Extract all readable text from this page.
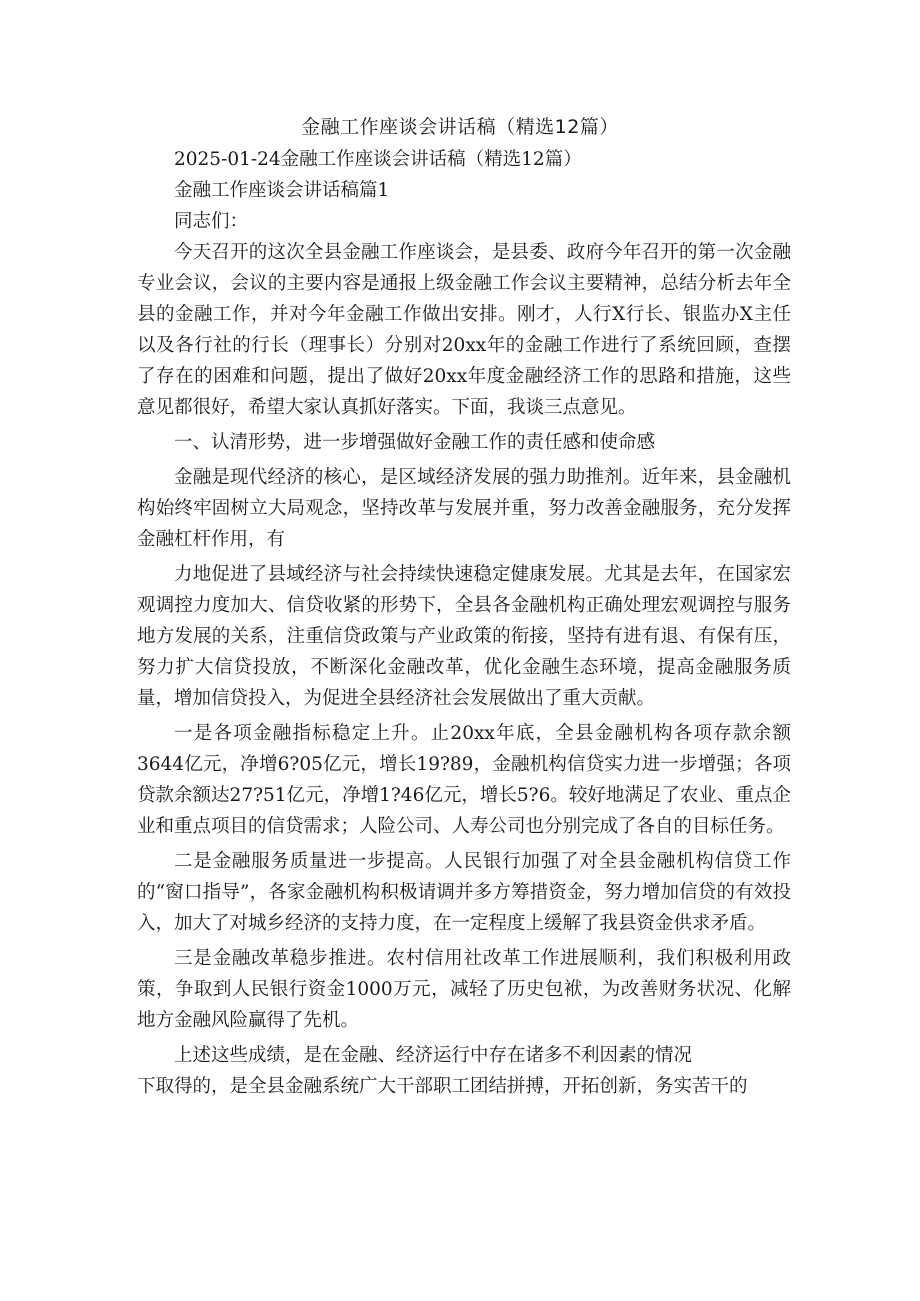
金融工作座谈会讲话稿（精选12篇）

2025-01-24金融工作座谈会讲话稿（精选12篇）

金融工作座谈会讲话稿篇1

同志们：

今天召开的这次全县金融工作座谈会，是县委、政府今年召开的第一次金融专业会议，会议的主要内容是通报上级金融工作会议主要精神，总结分析去年全县的金融工作，并对今年金融工作做出安排。刚才，人行X行长、银监办X主任以及各行社的行长（理事长）分别对20xx年的金融工作进行了系统回顾，查摆了存在的困难和问题，提出了做好20xx年度金融经济工作的思路和措施，这些意见都很好，希望大家认真抓好落实。下面，我谈三点意见。

一、认清形势，进一步增强做好金融工作的责任感和使命感

金融是现代经济的核心，是区域经济发展的强力助推剂。近年来，县金融机构始终牢固树立大局观念，坚持改革与发展并重，努力改善金融服务，充分发挥金融杠杆作用，有

力地促进了县域经济与社会持续快速稳定健康发展。尤其是去年，在国家宏观调控力度加大、信贷收紧的形势下，全县各金融机构正确处理宏观调控与服务地方发展的关系，注重信贷政策与产业政策的衔接，坚持有进有退、有保有压，努力扩大信贷投放，不断深化金融改革，优化金融生态环境，提高金融服务质量，增加信贷投入，为促进全县经济社会发展做出了重大贡献。

一是各项金融指标稳定上升。止20xx年底，全县金融机构各项存款余额3644亿元，净增6?05亿元，增长19?89，金融机构信贷实力进一步增强；各项贷款余额达27?51亿元，净增1?46亿元，增长5?6。较好地满足了农业、重点企业和重点项目的信贷需求；人险公司、人寿公司也分别完成了各自的目标任务。

二是金融服务质量进一步提高。人民银行加强了对全县金融机构信贷工作的“窗口指导”，各家金融机构积极请调并多方筹措资金，努力增加信贷的有效投入，加大了对城乡经济的支持力度，在一定程度上缓解了我县资金供求矛盾。

三是金融改革稳步推进。农村信用社改革工作进展顺利，我们积极利用政策，争取到人民银行资金1000万元，减轻了历史包袱，为改善财务状况、化解地方金融风险赢得了先机。

上述这些成绩，是在金融、经济运行中存在诸多不利因素的情况

下取得的，是全县金融系统广大干部职工团结拼搏，开拓创新，务实苦干的
